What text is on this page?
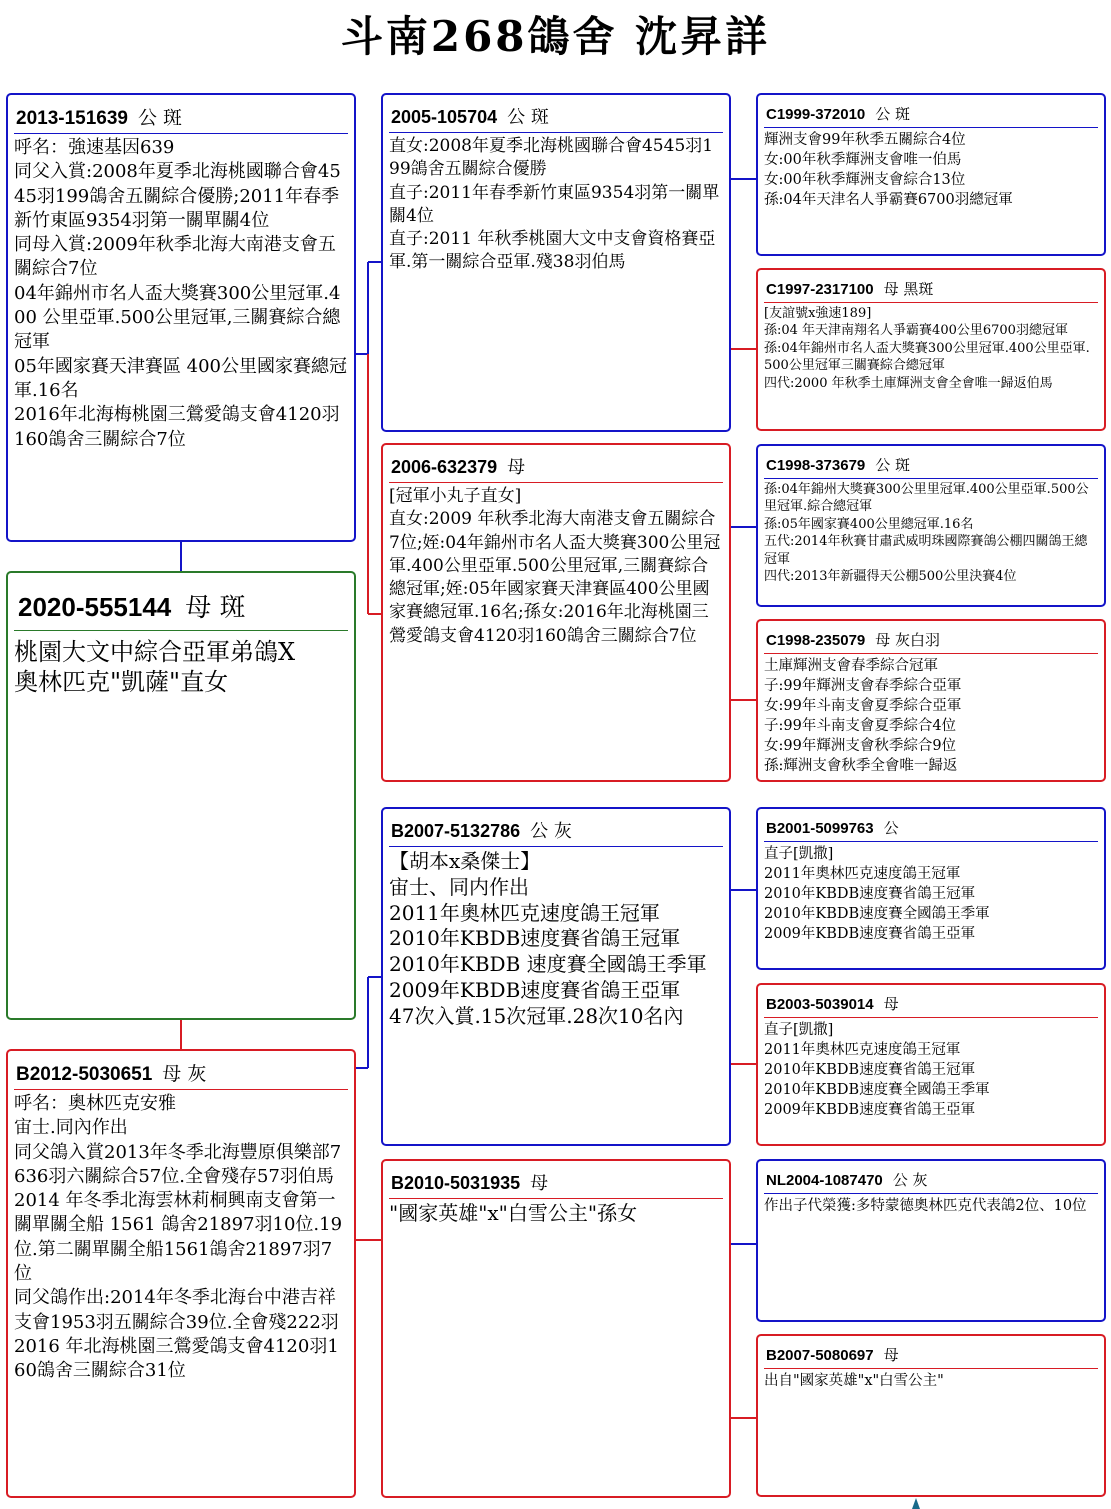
斗南268鴿舍 沈昇詳
2013-151639 公 斑
呼名：強速基因639
同父入賞:2008年夏季北海桃國聯合會4545羽199鴿舍五關綜合優勝;2011年春季新竹東區9354羽第一關單關4位
同母入賞:2009年秋季北海大南港支會五關綜合7位
04年錦州市名人盃大獎賽300公里冠軍.400 公里亞軍.500公里冠軍,三關賽綜合總冠軍
05年國家賽天津賽區 400公里國家賽總冠軍.16名
2016年北海梅桃園三鶯愛鴿支會4120羽160鴿舍三關綜合7位
2020-555144 母 斑
桃園大文中綜合亞軍弟鴿X
奧林匹克"凱薩"直女
B2012-5030651 母 灰
呼名：奧林匹克安雅
宙士.同內作出
同父鴿入賞2013年冬季北海豐原俱樂部7636羽六關綜合57位.全會殘存57羽伯馬
2014 年冬季北海雲林莉桐興南支會第一關單關全船 1561 鴿舍21897羽10位.19位.第二關單關全船1561鴿舍21897羽7位
同父鴿作出:2014年冬季北海台中港吉祥支會1953羽五關綜合39位.全會殘222羽
2016 年北海桃園三鶯愛鴿支會4120羽160鴿舍三關綜合31位
2005-105704 公 斑
直女:2008年夏季北海桃國聯合會4545羽199鴿舍五關綜合優勝
直子:2011年春季新竹東區9354羽第一關單關4位
直子:2011 年秋季桃園大文中支會資格賽亞軍.第一關綜合亞軍.殘38羽伯馬
2006-632379 母
[冠軍小丸子直女]
直女:2009 年秋季北海大南港支會五關綜合7位;姪:04年錦州市名人盃大獎賽300公里冠軍.400公里亞軍.500公里冠軍,三關賽綜合總冠軍;姪:05年國家賽天津賽區400公里國家賽總冠軍.16名;孫女:2016年北海桃園三鶯愛鴿支會4120羽160鴿舍三關綜合7位
B2007-5132786 公 灰
【胡本x桑傑士】
宙士、同内作出
2011年奧林匹克速度鴿王冠軍
2010年KBDB速度賽省鴿王冠軍
2010年KBDB 速度賽全國鴿王季軍
2009年KBDB速度賽省鴿王亞軍
47次入賞.15次冠軍.28次10名內
B2010-5031935 母
"國家英雄"x"白雪公主"孫女
C1999-372010 公 斑
輝洲支會99年秋季五關綜合4位
女:00年秋季輝洲支會唯一伯馬
女:00年秋季輝洲支會綜合13位
孫:04年天津名人爭霸賽6700羽總冠軍
C1997-2317100 母 黑斑
[友誼號x強速189]
孫:04 年天津南翔名人爭霸賽400公里6700羽總冠軍
孫:04年錦州市名人盃大獎賽300公里冠軍.400公里亞軍.500公里冠軍三關賽綜合總冠軍
四代:2000 年秋季土庫輝洲支會全會唯一歸返伯馬
C1998-373679 公 斑
孫:04年錦州大獎賽300公里里冠軍.400公里亞軍.500公里冠軍.綜合總冠軍
孫:05年國家賽400公里總冠軍.16名
五代:2014年秋賽甘肅武威明珠國際賽鴿公棚四關鴿王總冠軍
四代:2013年新疆得天公棚500公里決賽4位
C1998-235079 母 灰白羽
土庫輝洲支會春季綜合冠軍
子:99年輝洲支會春季綜合亞軍
女:99年斗南支會夏季綜合亞軍
子:99年斗南支會夏季綜合4位
女:99年輝洲支會秋季綜合9位
孫:輝洲支會秋季全會唯一歸返
B2001-5099763 公
直子[凱撒]
2011年奧林匹克速度鴿王冠軍
2010年KBDB速度賽省鴿王冠軍
2010年KBDB速度賽全國鴿王季軍
2009年KBDB速度賽省鴿王亞軍
B2003-5039014 母
直子[凱撒]
2011年奧林匹克速度鴿王冠軍
2010年KBDB速度賽省鴿王冠軍
2010年KBDB速度賽全國鴿王季軍
2009年KBDB速度賽省鴿王亞軍
NL2004-1087470 公 灰
作出子代榮獲:多特蒙德奧林匹克代表鴿2位、10位
B2007-5080697 母
出自"國家英雄"x"白雪公主"
